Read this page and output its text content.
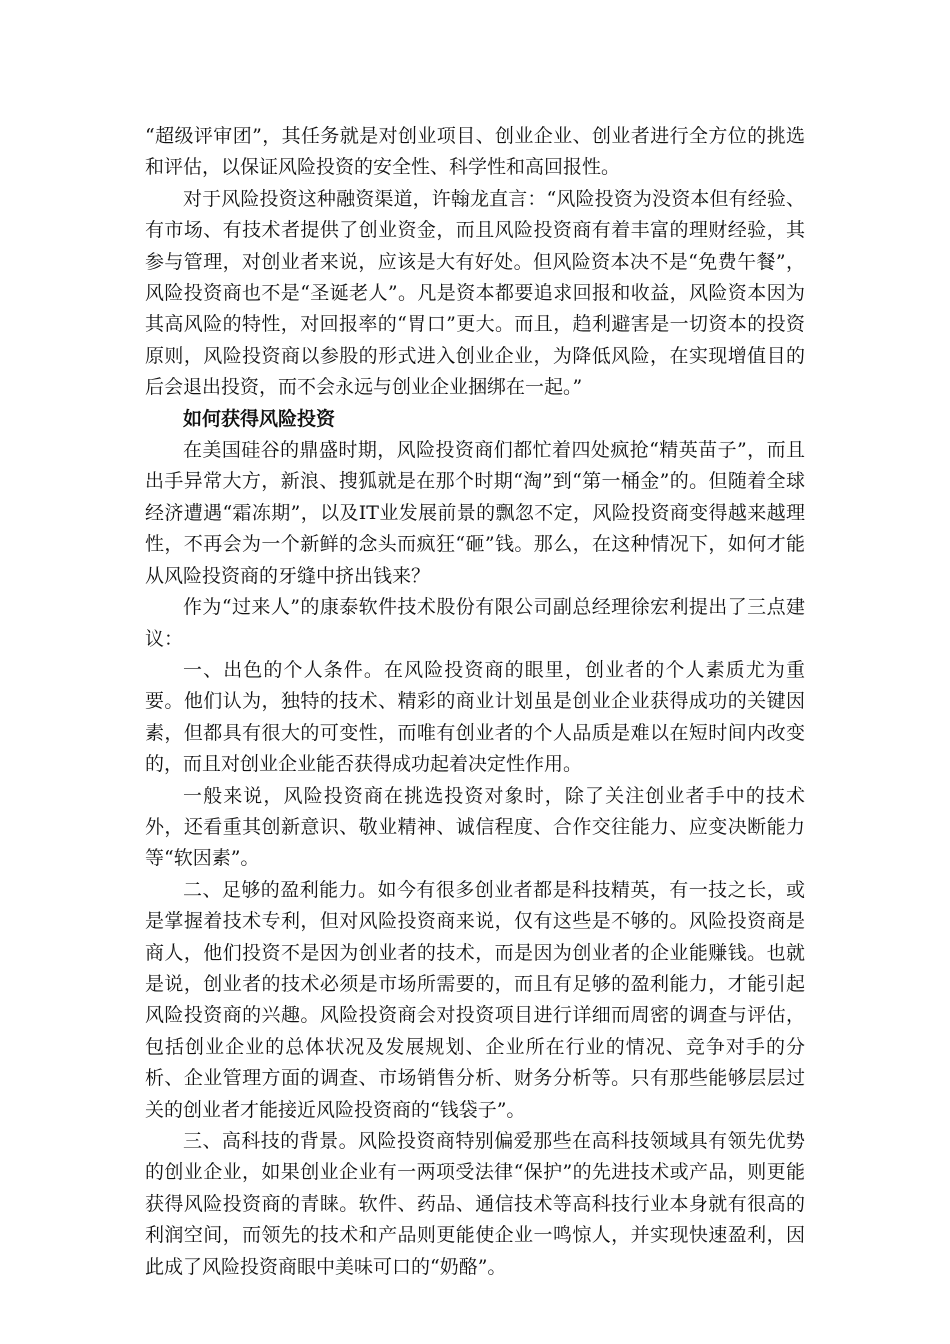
“超级评审团”，其任务就是对创业项目、创业企业、创业者进行全方位的挑选和评估，以保证风险投资的安全性、科学性和高回报性。

对于风险投资这种融资渠道，许翰龙直言：“风险投资为没资本但有经验、有市场、有技术者提供了创业资金，而且风险投资商有着丰富的理财经验，其参与管理，对创业者来说，应该是大有好处。但风险资本决不是“免费午餐”，风险投资商也不是“圣诞老人”。凡是资本都要追求回报和收益，风险资本因为其高风险的特性，对回报率的“胃口”更大。而且，趋利避害是一切资本的投资原则，风险投资商以参股的形式进入创业企业，为降低风险，在实现增值目的后会退出投资，而不会永远与创业企业捆绑在一起。”

如何获得风险投资

在美国硅谷的鼎盛时期，风险投资商们都忙着四处疯抢“精英苗子”，而且出手异常大方，新浪、搜狐就是在那个时期“淘”到“第一桶金”的。但随着全球经济遭遇“霜冻期”，以及IT业发展前景的飘忽不定，风险投资商变得越来越理性，不再会为一个新鲜的念头而疯狂“砸”钱。那么，在这种情况下，如何才能从风险投资商的牙缝中挤出钱来？

作为“过来人”的康泰软件技术股份有限公司副总经理徐宏利提出了三点建议：

一、出色的个人条件。在风险投资商的眼里，创业者的个人素质尤为重要。他们认为，独特的技术、精彩的商业计划虽是创业企业获得成功的关键因素，但都具有很大的可变性，而唯有创业者的个人品质是难以在短时间内改变的，而且对创业企业能否获得成功起着决定性作用。

一般来说，风险投资商在挑选投资对象时，除了关注创业者手中的技术外，还看重其创新意识、敬业精神、诚信程度、合作交往能力、应变决断能力等“软因素”。

二、足够的盈利能力。如今有很多创业者都是科技精英，有一技之长，或是掌握着技术专利，但对风险投资商来说，仅有这些是不够的。风险投资商是商人，他们投资不是因为创业者的技术，而是因为创业者的企业能赚钱。也就是说，创业者的技术必须是市场所需要的，而且有足够的盈利能力，才能引起风险投资商的兴趣。风险投资商会对投资项目进行详细而周密的调查与评估，包括创业企业的总体状况及发展规划、企业所在行业的情况、竞争对手的分析、企业管理方面的调查、市场销售分析、财务分析等。只有那些能够层层过关的创业者才能接近风险投资商的“钱袋子”。

三、高科技的背景。风险投资商特别偏爱那些在高科技领域具有领先优势的创业企业，如果创业企业有一两项受法律“保护”的先进技术或产品，则更能获得风险投资商的青睐。软件、药品、通信技术等高科技行业本身就有很高的利润空间，而领先的技术和产品则更能使企业一鸣惊人，并实现快速盈利，因此成了风险投资商眼中美味可口的“奶酪”。
